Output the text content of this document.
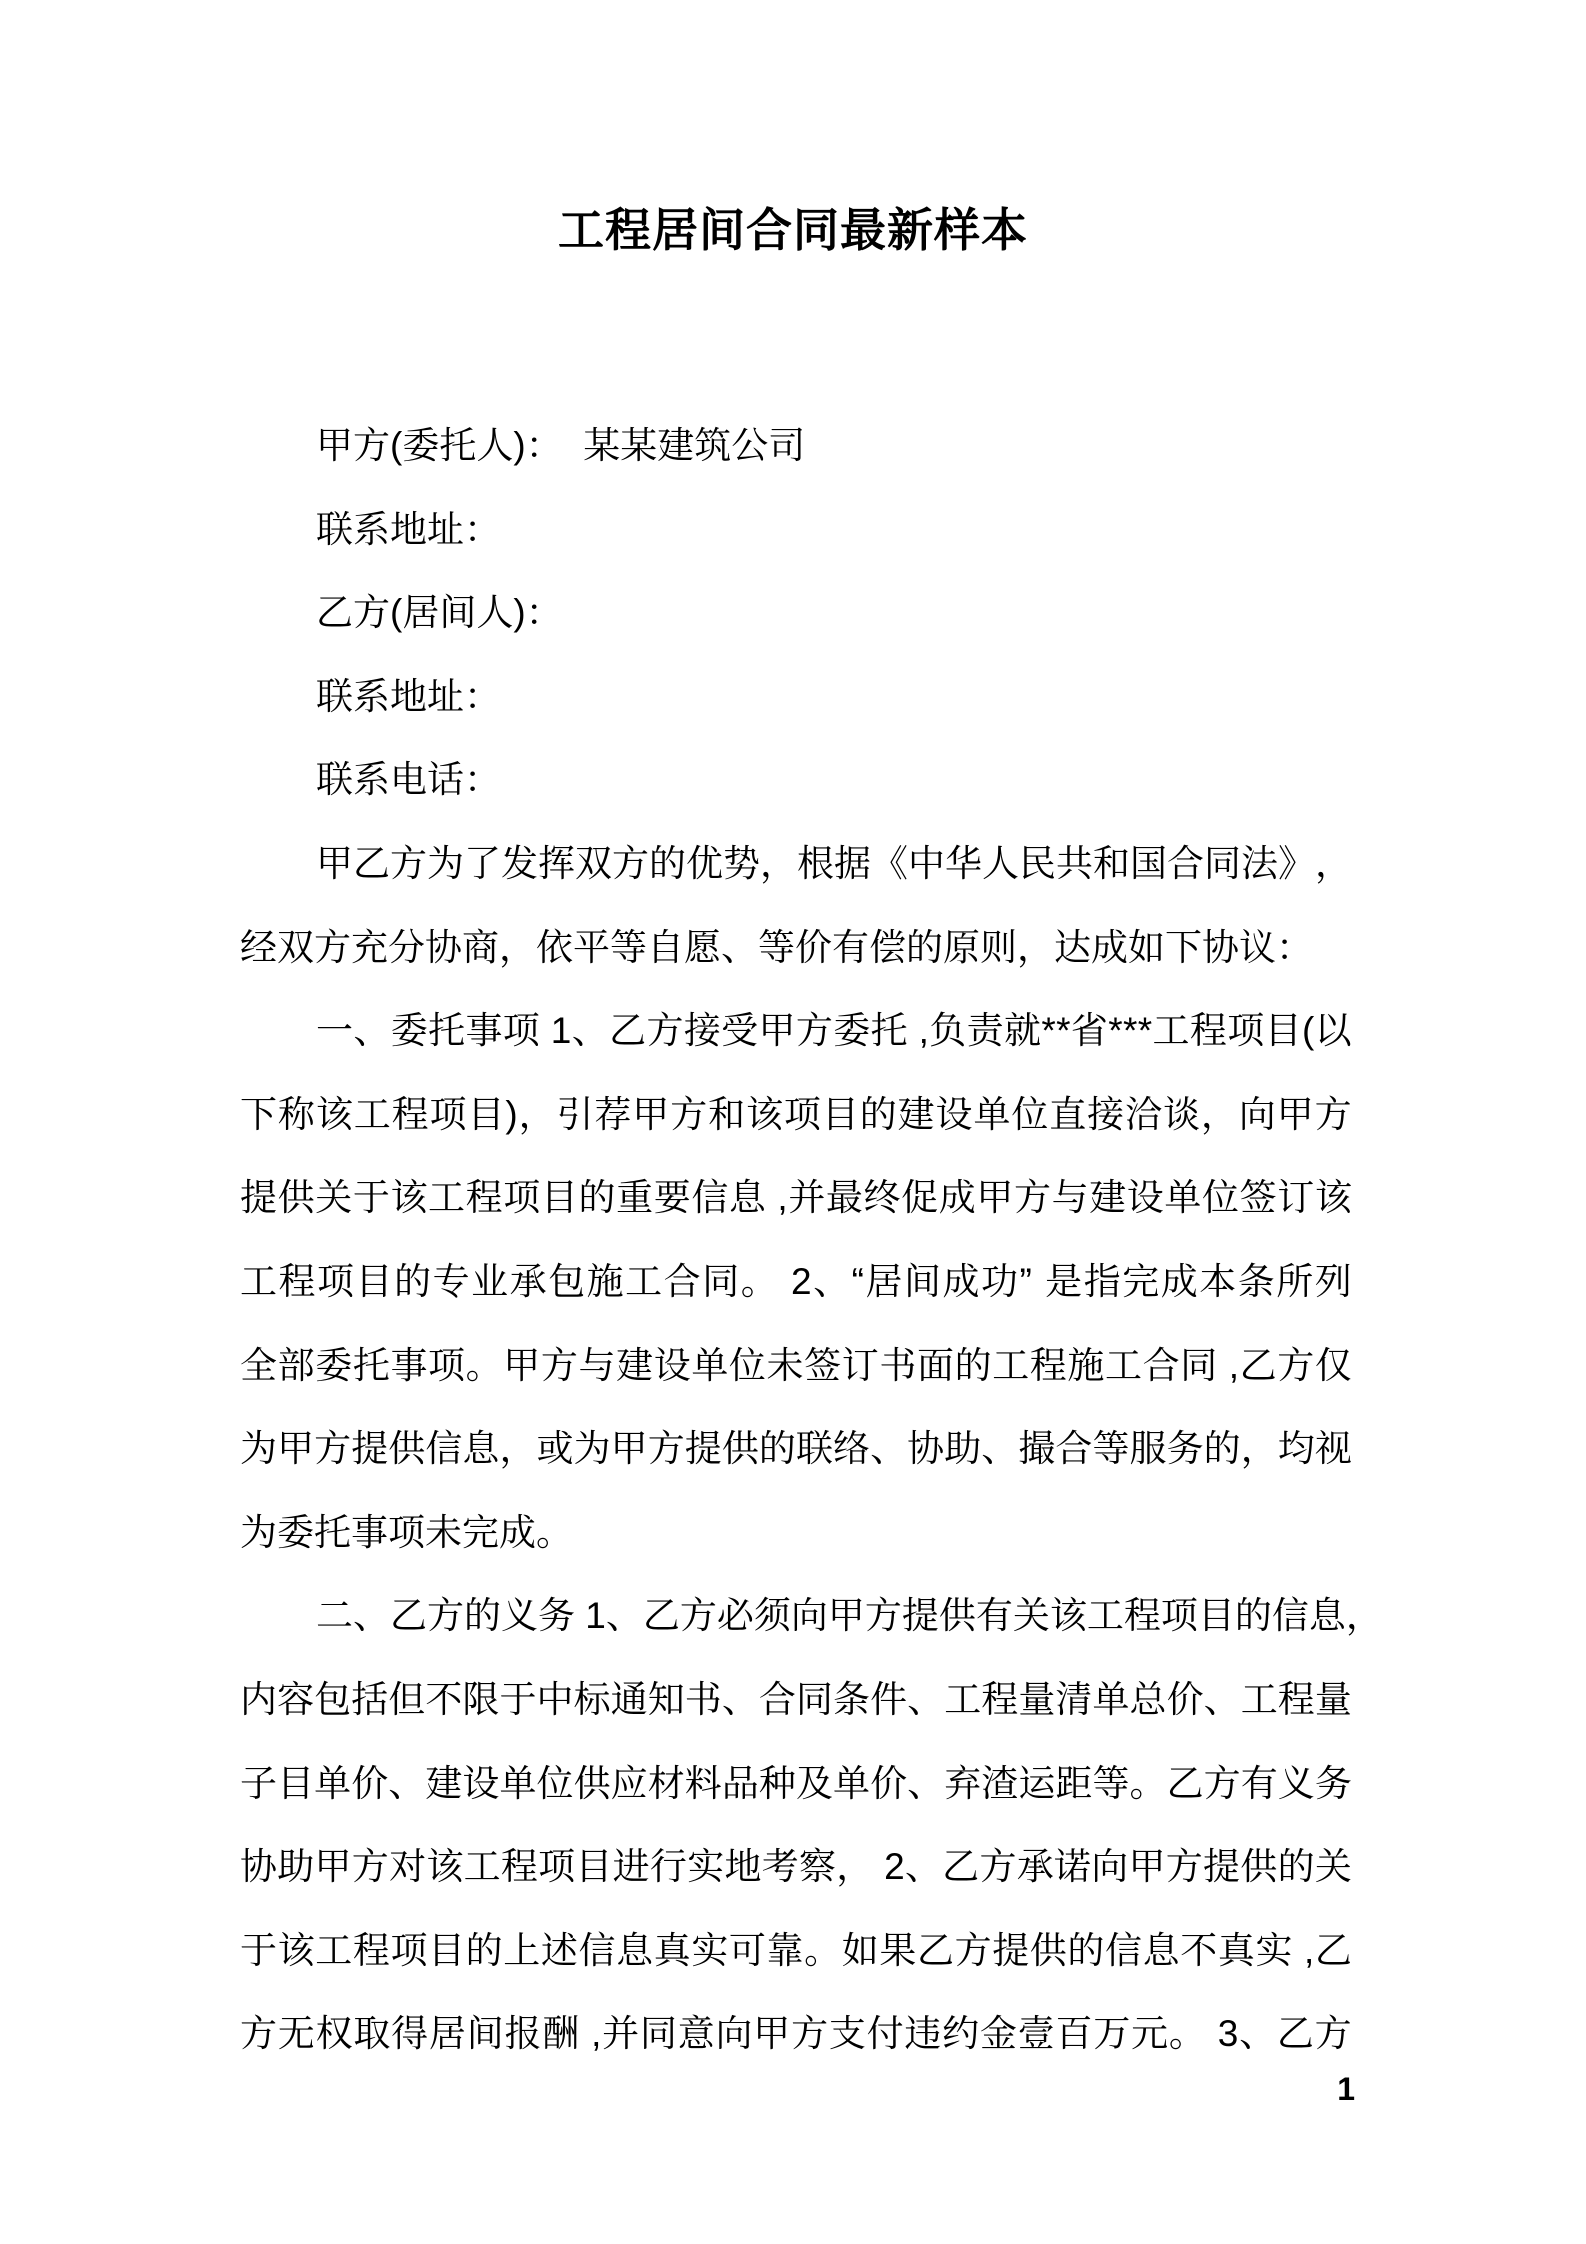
工程居间合同最新样本
甲方(委托人)：  某某建筑公司
联系地址：
乙方(居间人)：
联系地址：
联系电话：
甲 乙 方 为 了 发 挥 双 方 的 优 势 ， 根 据 《 中 华 人 民 共 和 国 合 同 法 》 ，
经双方充分协商，依平等自愿、等价有偿的原则，达成如下协议：
一 、 委 托 事 项
1 、 乙 方 接 受 甲 方 委 托
, 负 责 就 * * 省 * * * 工 程 项 目 ( 以
下 称 该 工 程 项 目 ) ， 引 荐 甲 方 和 该 项 目 的 建 设 单 位 直 接 洽 谈 ， 向 甲 方
提 供 关 于 该 工 程 项 目 的 重 要 信 息
, 并 最 终 促 成 甲 方 与 建 设 单 位 签 订 该
工 程 项 目 的 专 业 承 包 施 工 合 同 。
2 、 “ 居 间 成 功 ”
是 指 完 成 本 条 所 列
全 部 委 托 事 项 。 甲 方 与 建 设 单 位 未 签 订 书 面 的 工 程 施 工 合 同
, 乙 方 仅
为 甲 方 提 供 信 息 ， 或 为 甲 方 提 供 的 联 络 、 协 助 、 撮 合 等 服 务 的 ， 均 视
为委托事项未完成。
二 、 乙 方 的 义 务
1 、 乙 方 必 须 向 甲 方 提 供 有 关 该 工 程 项 目 的 信 息 ，
内 容 包 括 但 不 限 于 中 标 通 知 书 、 合 同 条 件 、 工 程 量 清 单 总 价 、 工 程 量
子 目 单 价 、 建 设 单 位 供 应 材 料 品 种 及 单 价 、 弃 渣 运 距 等 。 乙 方 有 义 务
协 助 甲 方 对 该 工 程 项 目 进 行 实 地 考 察 ，
2 、 乙 方 承 诺 向 甲 方 提 供 的 关
于 该 工 程 项 目 的 上 述 信 息 真 实 可 靠 。 如 果 乙 方 提 供 的 信 息 不 真 实
, 乙
方 无 权 取 得 居 间 报 酬
, 并 同 意 向 甲 方 支 付 违 约 金 壹 百 万 元 。
3 、 乙 方
1
